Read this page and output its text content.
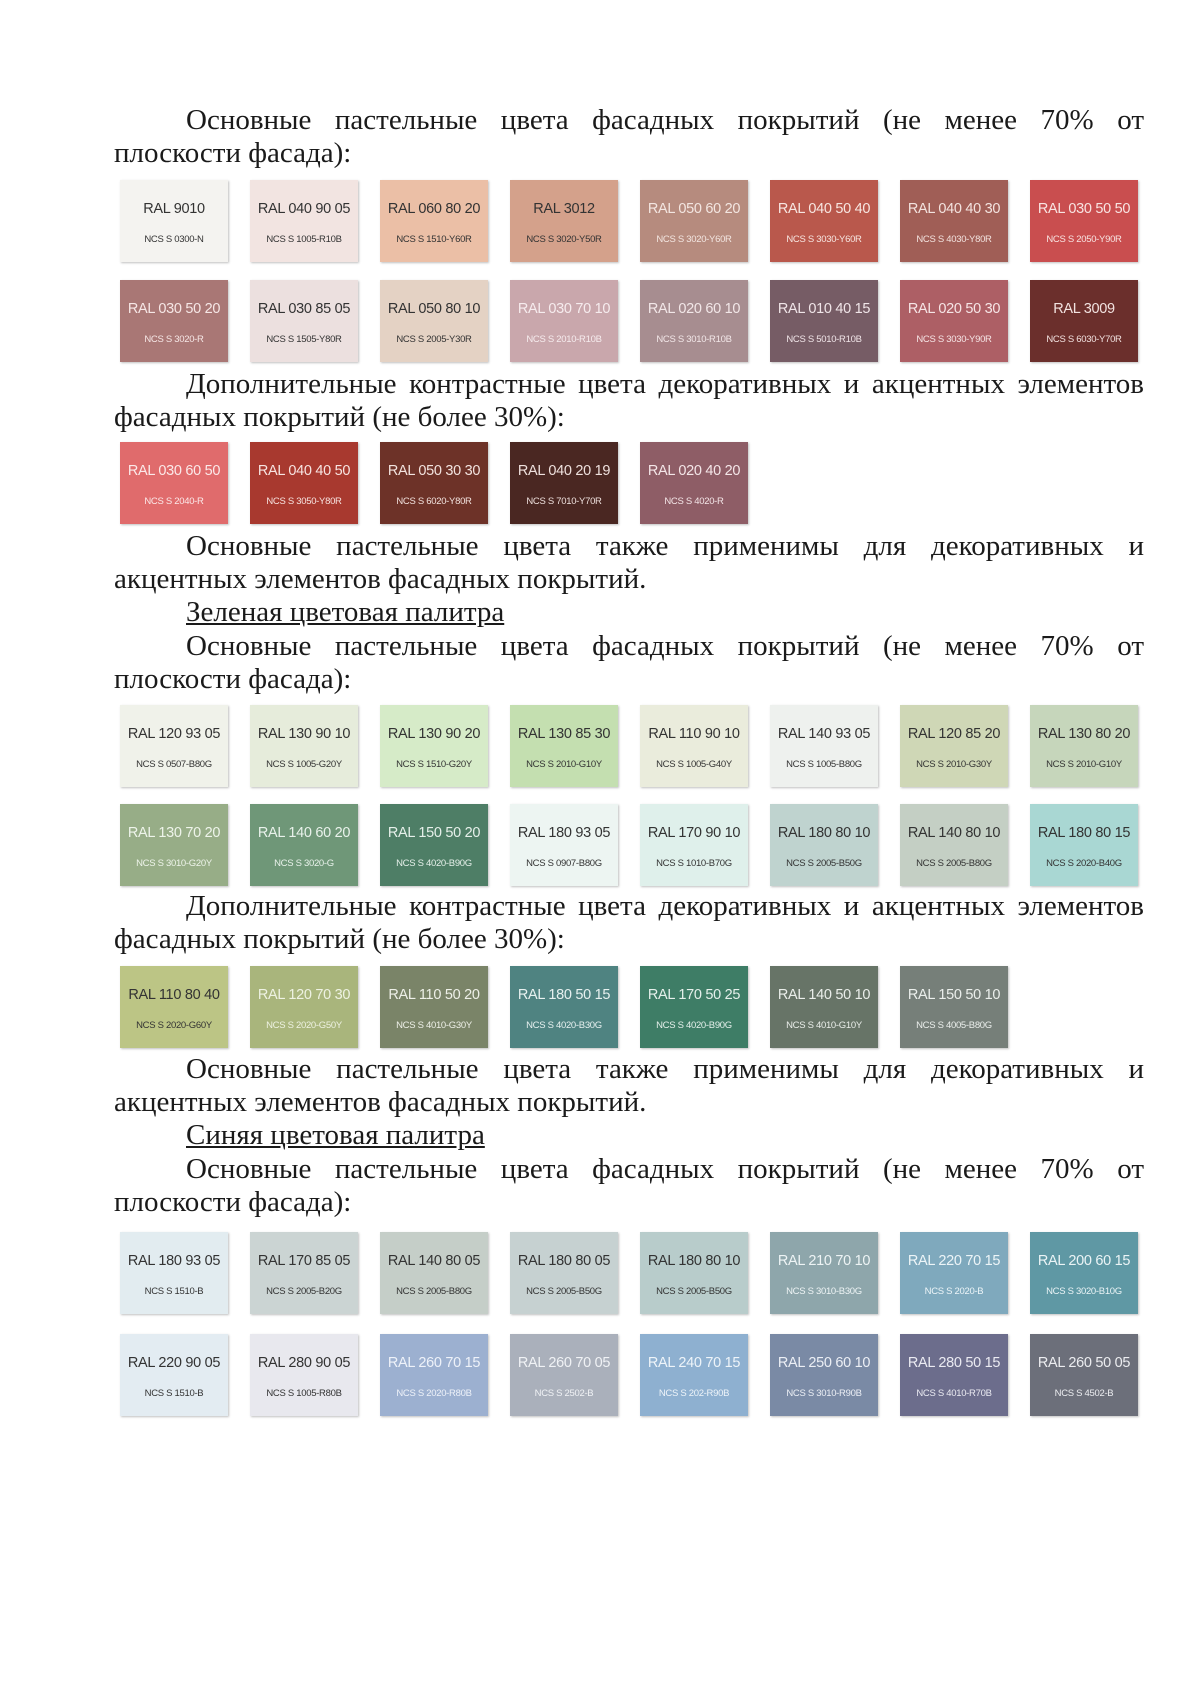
Основные пастельные цвета фасадных покрытий (не менее 70% от плоскости фасада):

RAL 9010
NCS S 0300-N
RAL 040 90 05
NCS S 1005-R10B
RAL 060 80 20
NCS S 1510-Y60R
RAL 3012
NCS S 3020-Y50R
RAL 050 60 20
NCS S 3020-Y60R
RAL 040 50 40
NCS S 3030-Y60R
RAL 040 40 30
NCS S 4030-Y80R
RAL 030 50 50
NCS S 2050-Y90R
RAL 030 50 20
NCS S 3020-R
RAL 030 85 05
NCS S 1505-Y80R
RAL 050 80 10
NCS S 2005-Y30R
RAL 030 70 10
NCS S 2010-R10B
RAL 020 60 10
NCS S 3010-R10B
RAL 010 40 15
NCS S 5010-R10B
RAL 020 50 30
NCS S 3030-Y90R
RAL 3009
NCS S 6030-Y70R

Дополнительные контрастные цвета декоративных и акцентных элементов фасадных покрытий (не более 30%):

RAL 030 60 50
NCS S 2040-R
RAL 040 40 50
NCS S 3050-Y80R
RAL 050 30 30
NCS S 6020-Y80R
RAL 040 20 19
NCS S 7010-Y70R
RAL 020 40 20
NCS S 4020-R

Основные пастельные цвета также применимы для декоративных и акцентных элементов фасадных покрытий.

Зеленая цветовая палитра

Основные пастельные цвета фасадных покрытий (не менее 70% от плоскости фасада):

RAL 120 93 05
NCS S 0507-B80G
RAL 130 90 10
NCS S 1005-G20Y
RAL 130 90 20
NCS S 1510-G20Y
RAL 130 85 30
NCS S 2010-G10Y
RAL 110 90 10
NCS S 1005-G40Y
RAL 140 93 05
NCS S 1005-B80G
RAL 120 85 20
NCS S 2010-G30Y
RAL 130 80 20
NCS S 2010-G10Y
RAL 130 70 20
NCS S 3010-G20Y
RAL 140 60 20
NCS S 3020-G
RAL 150 50 20
NCS S 4020-B90G
RAL 180 93 05
NCS S 0907-B80G
RAL 170 90 10
NCS S 1010-B70G
RAL 180 80 10
NCS S 2005-B50G
RAL 140 80 10
NCS S 2005-B80G
RAL 180 80 15
NCS S 2020-B40G

Дополнительные контрастные цвета декоративных и акцентных элементов фасадных покрытий (не более 30%):

RAL 110 80 40
NCS S 2020-G60Y
RAL 120 70 30
NCS S 2020-G50Y
RAL 110 50 20
NCS S 4010-G30Y
RAL 180 50 15
NCS S 4020-B30G
RAL 170 50 25
NCS S 4020-B90G
RAL 140 50 10
NCS S 4010-G10Y
RAL 150 50 10
NCS S 4005-B80G

Основные пастельные цвета также применимы для декоративных и акцентных элементов фасадных покрытий.

Синяя цветовая палитра

Основные пастельные цвета фасадных покрытий (не менее 70% от плоскости фасада):

RAL 180 93 05
NCS S 1510-B
RAL 170 85 05
NCS S 2005-B20G
RAL 140 80 05
NCS S 2005-B80G
RAL 180 80 05
NCS S 2005-B50G
RAL 180 80 10
NCS S 2005-B50G
RAL 210 70 10
NCS S 3010-B30G
RAL 220 70 15
NCS S 2020-B
RAL 200 60 15
NCS S 3020-B10G
RAL 220 90 05
NCS S 1510-B
RAL 280 90 05
NCS S 1005-R80B
RAL 260 70 15
NCS S 2020-R80B
RAL 260 70 05
NCS S 2502-B
RAL 240 70 15
NCS S 202-R90B
RAL 250 60 10
NCS S 3010-R90B
RAL 280 50 15
NCS S 4010-R70B
RAL 260 50 05
NCS S 4502-B
